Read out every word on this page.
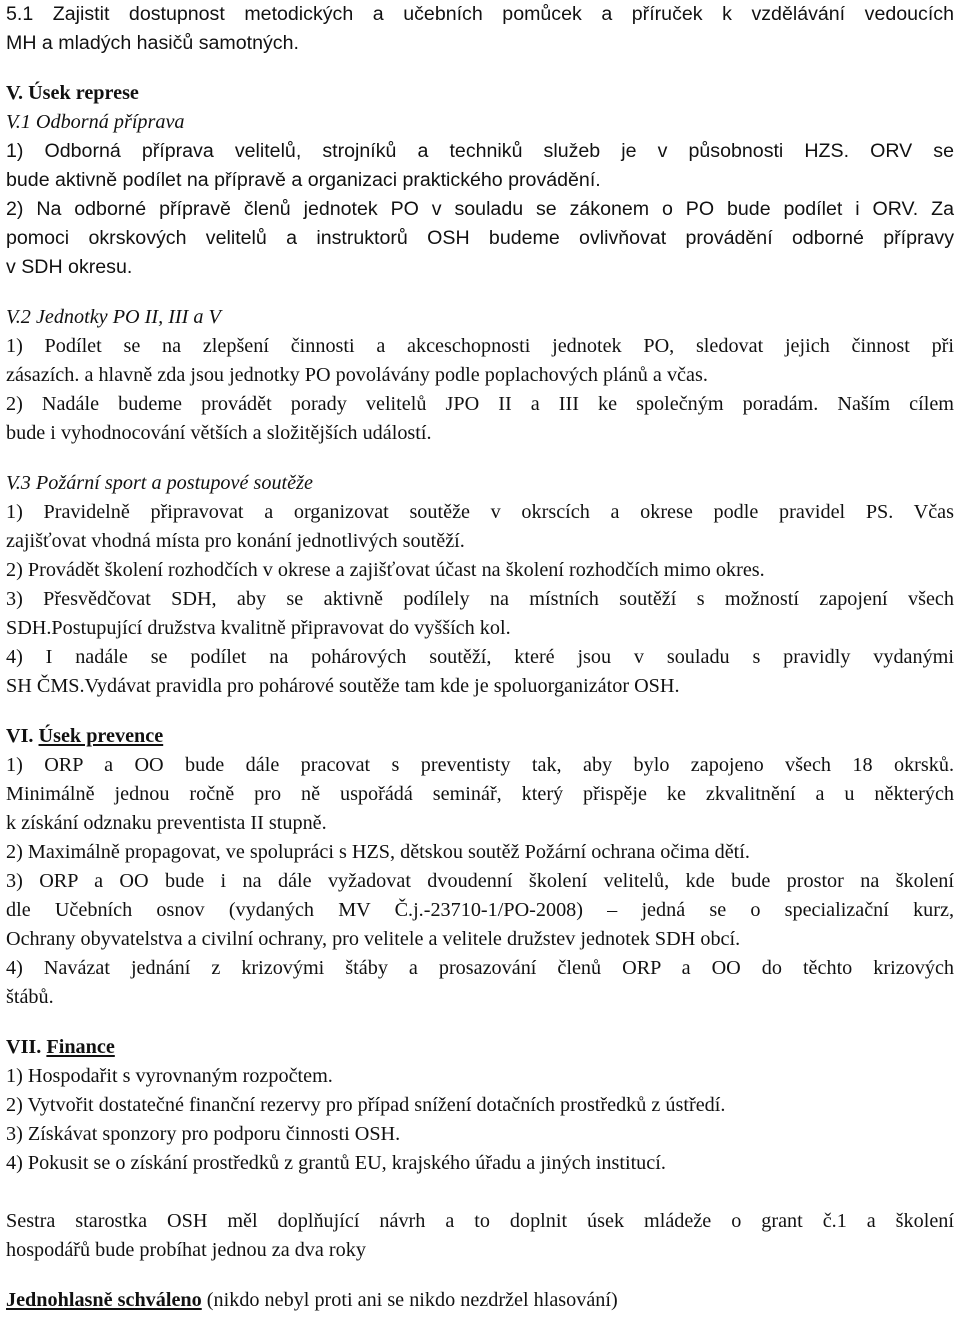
5.1 Zajistit dostupnost metodických a učebních pomůcek a příruček k vzdělávání vedoucích

MH a mladých hasičů samotných.

V. Úsek represe

V.1 Odborná příprava

1) Odborná příprava velitelů, strojníků a techniků služeb je v působnosti HZS. ORV se

bude aktivně podílet na přípravě a organizaci praktického provádění.

2) Na odborné přípravě členů jednotek PO v souladu se zákonem o PO bude podílet i ORV. Za

pomoci okrskových velitelů a instruktorů OSH budeme ovlivňovat provádění odborné přípravy

v SDH okresu.

V.2 Jednotky PO II, III a V

1) Podílet se na zlepšení činnosti a akceschopnosti jednotek PO, sledovat jejich činnost při

zásazích. a hlavně zda jsou jednotky PO povolávány podle poplachových plánů a včas.

2) Nadále budeme provádět porady velitelů JPO II a III ke společným poradám. Naším cílem

bude i vyhodnocování větších a složitějších událostí.

V.3 Požární sport a postupové soutěže

1) Pravidelně připravovat a organizovat soutěže v okrscích a okrese podle pravidel PS. Včas

zajišťovat vhodná místa pro konání jednotlivých soutěží.

2) Provádět školení rozhodčích v okrese a zajišťovat účast na školení rozhodčích mimo okres.

3) Přesvědčovat SDH, aby se aktivně podílely na místních soutěží s možností zapojení všech

SDH.Postupující družstva kvalitně připravovat do vyšších kol.

4) I nadále se podílet na pohárových soutěží, které jsou v souladu s pravidly vydanými

SH ČMS.Vydávat pravidla pro pohárové soutěže tam kde je spoluorganizátor OSH.

VI. Úsek prevence

1) ORP a OO bude dále pracovat s preventisty tak, aby bylo zapojeno všech 18 okrsků.

Minimálně jednou ročně pro ně uspořádá seminář, který přispěje ke zkvalitnění a u některých

k získání odznaku preventista II stupně.

2) Maximálně propagovat, ve spolupráci s HZS, dětskou soutěž Požární ochrana očima dětí.

3) ORP a OO bude i na dále vyžadovat dvoudenní školení velitelů, kde bude prostor na školení

dle Učebních osnov (vydaných MV Č.j.-23710-1/PO-2008) – jedná se o specializační kurz,

Ochrany obyvatelstva a civilní ochrany, pro velitele a velitele družstev jednotek SDH obcí.

4) Navázat jednání z krizovými štáby a prosazování členů ORP a OO do těchto krizových

štábů.

VII. Finance

1) Hospodařit s vyrovnaným rozpočtem.

2) Vytvořit dostatečné finanční rezervy pro případ snížení dotačních prostředků z ústředí.

3) Získávat sponzory pro podporu činnosti OSH.

4) Pokusit se o získání prostředků z grantů EU, krajského úřadu a jiných institucí.

Sestra starostka OSH měl doplňující návrh a to doplnit úsek mládeže o grant č.1 a školení

hospodářů bude probíhat jednou za dva roky

Jednohlasně schváleno (nikdo nebyl proti ani se nikdo nezdržel hlasování)
